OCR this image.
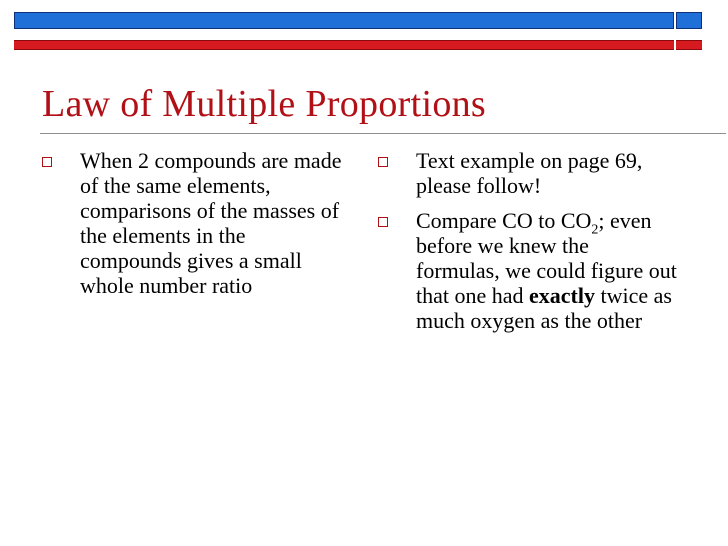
Law of Multiple Proportions
When 2 compounds are made of the same elements, comparisons of the masses of the elements in the compounds gives a small whole number ratio
Text example on page 69, please follow!
Compare CO to $CO_2$; even before we knew the formulas, we could figure out that one had exactly twice as much oxygen as the other
